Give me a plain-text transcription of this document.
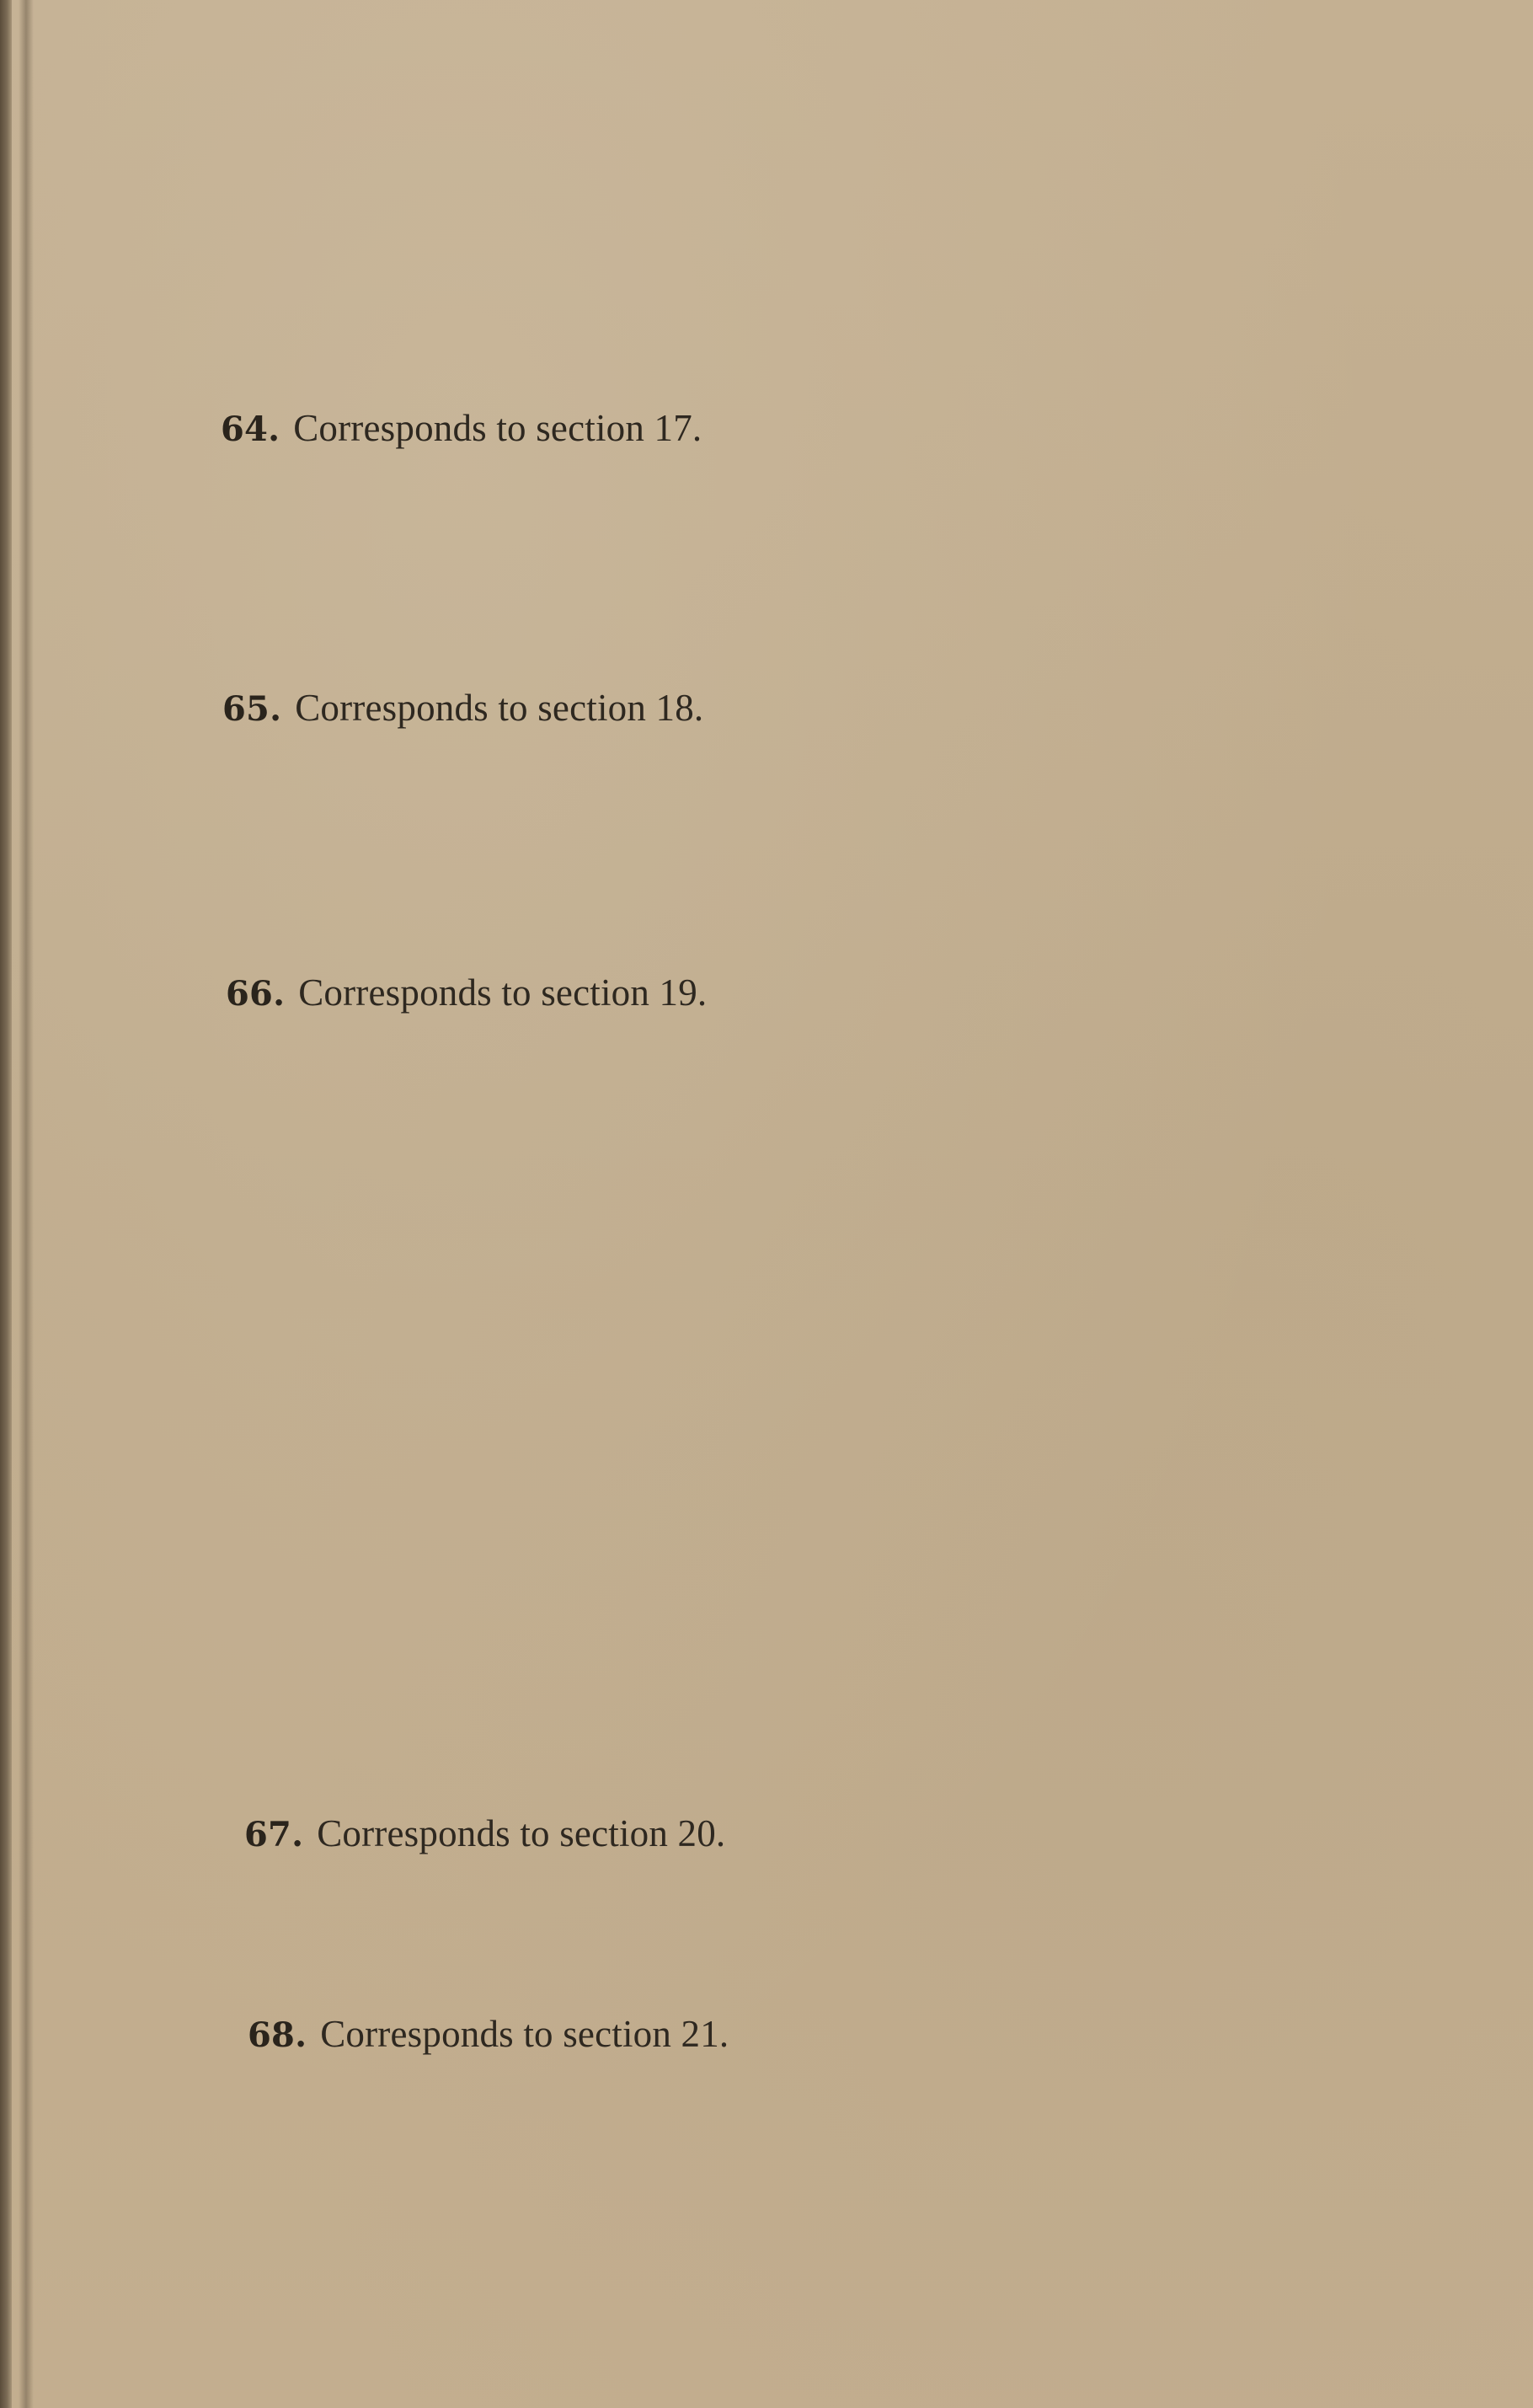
64. Corresponds to section 17.
65. Corresponds to section 18.
66. Corresponds to section 19.
67. Corresponds to section 20.
68. Corresponds to section 21.
